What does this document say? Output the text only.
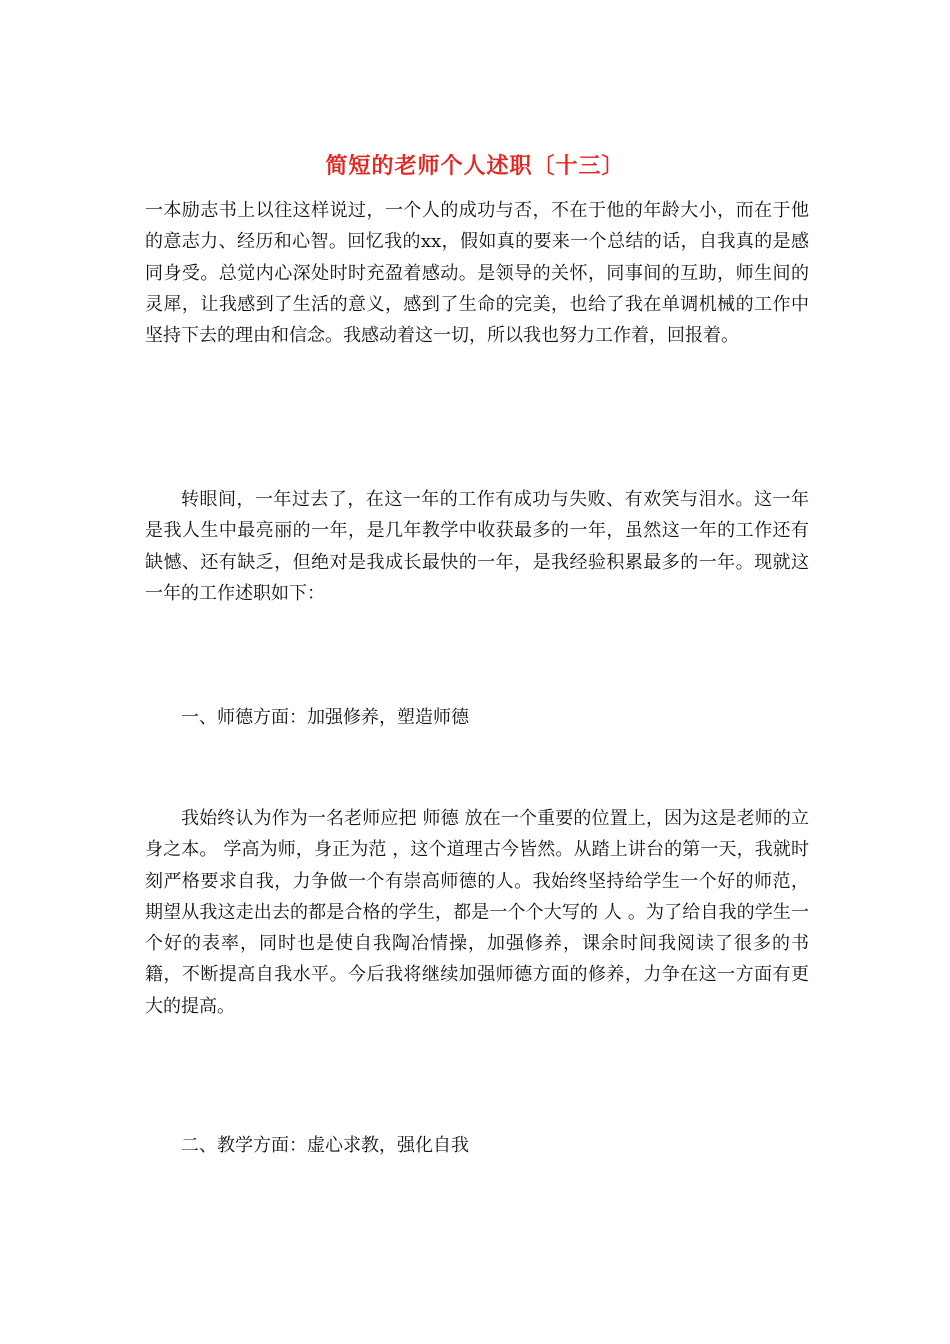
简短的老师个人述职〔十三〕

一本励志书上以往这样说过，一个人的成功与否，不在于他的年龄大小，而在于他的意志力、经历和心智。回忆我的xx，假如真的要来一个总结的话，自我真的是感同身受。总觉内心深处时时充盈着感动。是领导的关怀，同事间的互助，师生间的灵犀，让我感到了生活的意义，感到了生命的完美，也给了我在单调机械的工作中坚持下去的理由和信念。我感动着这一切，所以我也努力工作着，回报着。

转眼间，一年过去了，在这一年的工作有成功与失败、有欢笑与泪水。这一年是我人生中最亮丽的一年，是几年教学中收获最多的一年，虽然这一年的工作还有缺憾、还有缺乏，但绝对是我成长最快的一年，是我经验积累最多的一年。现就这一年的工作述职如下：

一、师德方面：加强修养，塑造师德

我始终认为作为一名老师应把 师德 放在一个重要的位置上，因为这是老师的立身之本。 学高为师，身正为范 ，这个道理古今皆然。从踏上讲台的第一天，我就时刻严格要求自我，力争做一个有崇高师德的人。我始终坚持给学生一个好的师范，期望从我这走出去的都是合格的学生，都是一个个大写的 人 。为了给自我的学生一个好的表率，同时也是使自我陶冶情操，加强修养，课余时间我阅读了很多的书籍，不断提高自我水平。今后我将继续加强师德方面的修养，力争在这一方面有更大的提高。

二、教学方面：虚心求教，强化自我
